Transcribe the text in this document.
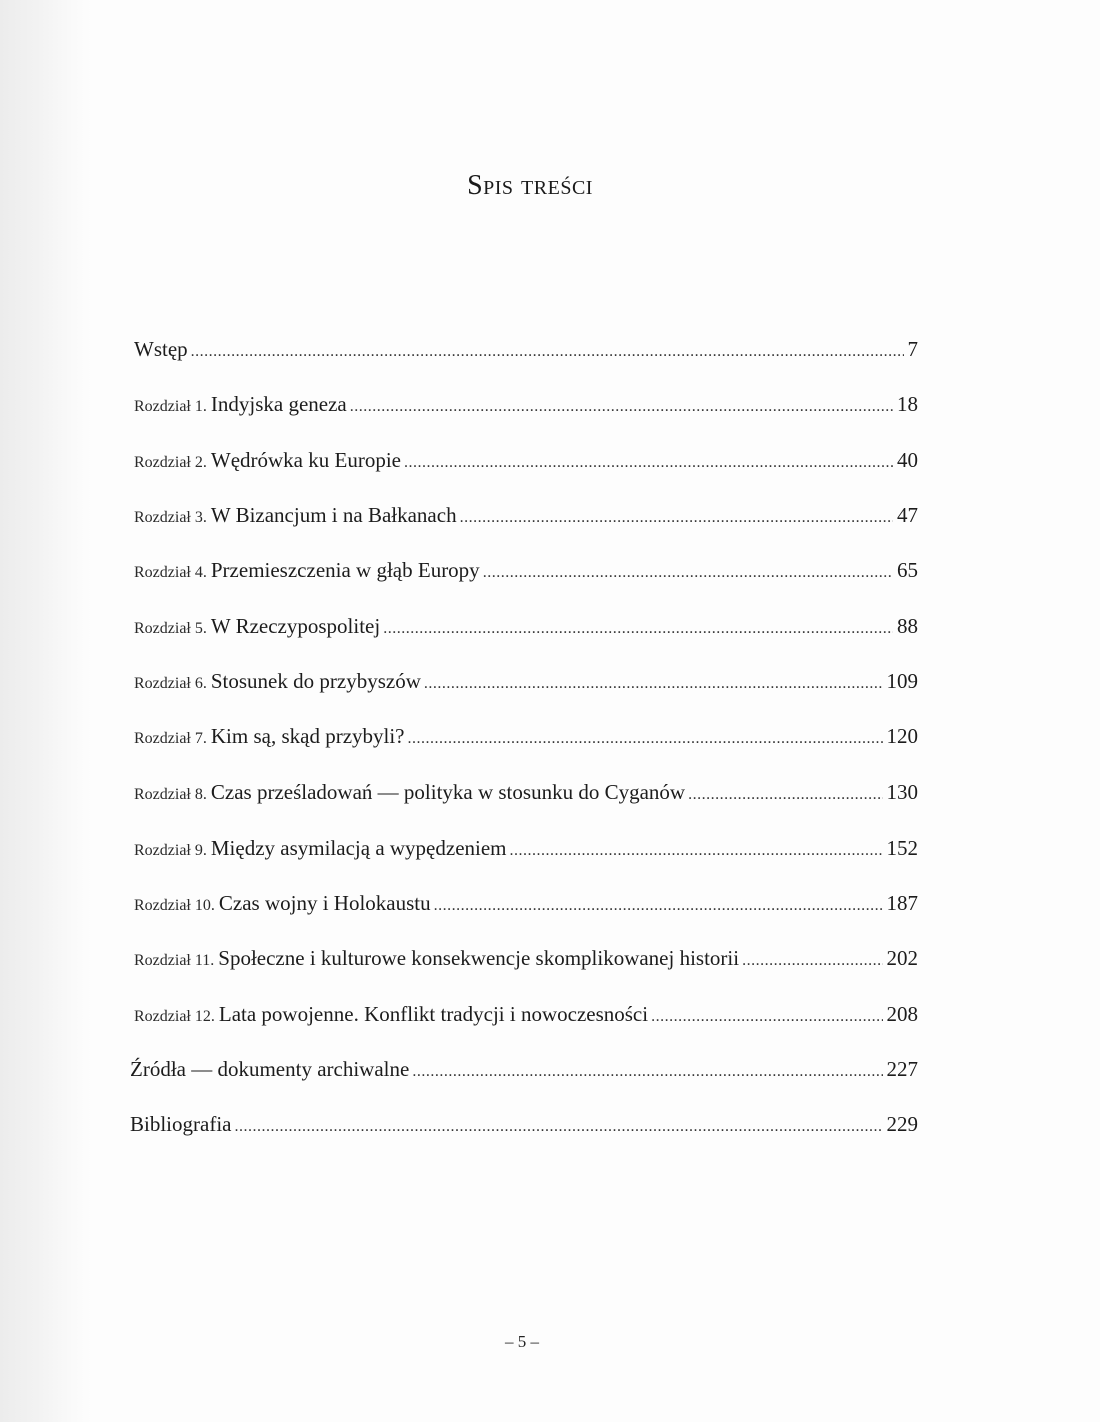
Spis treści
Wstęp .....	7
Rozdział 1. Indyjska geneza .....	18
Rozdział 2. Wędrówka ku Europie .....	40
Rozdział 3. W Bizancjum i na Bałkanach .....	47
Rozdział 4. Przemieszczenia w głąb Europy .....	65
Rozdział 5. W Rzeczypospolitej .....	88
Rozdział 6. Stosunek do przybyszów .....	109
Rozdział 7. Kim są, skąd przybyli? .....	120
Rozdział 8. Czas prześladowań — polityka w stosunku do Cyganów .....	130
Rozdział 9. Między asymilacją a wypędzeniem .....	152
Rozdział 10. Czas wojny i Holokaustu .....	187
Rozdział 11. Społeczne i kulturowe konsekwencje skomplikowanej historii .....	202
Rozdział 12. Lata powojenne. Konflikt tradycji i nowoczesności .....	208
Źródła — dokumenty archiwalne .....	227
Bibliografia .....	229
– 5 –
